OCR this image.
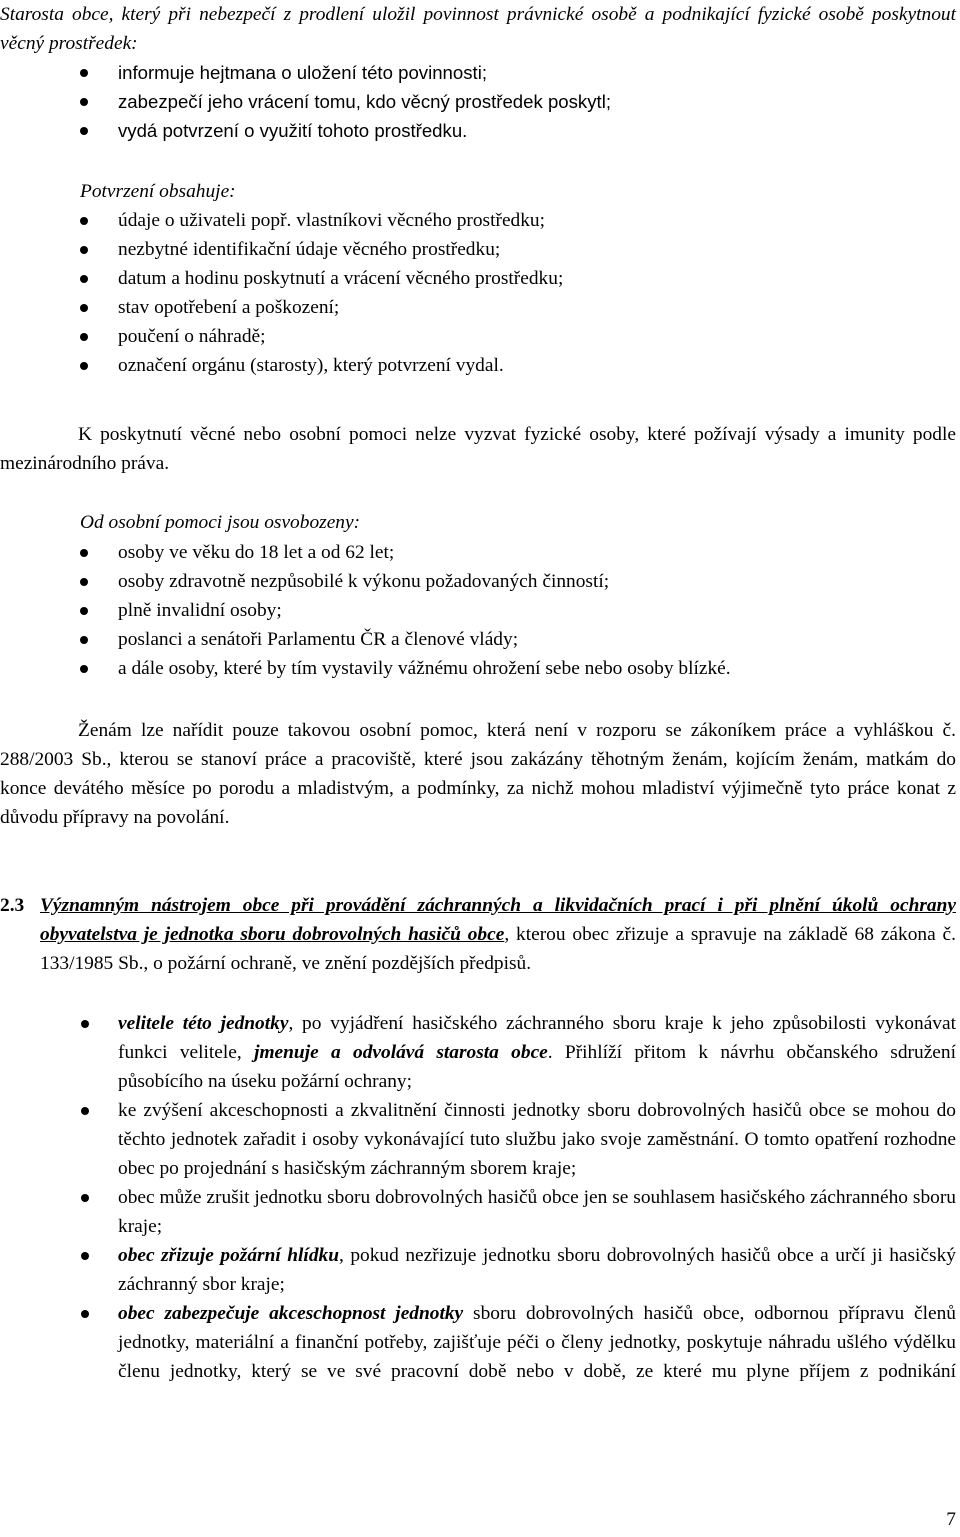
Starosta obce, který při nebezpečí z prodlení uložil povinnost právnické osobě a podnikající fyzické osobě poskytnout věcný prostředek:

informuje hejtmana o uložení této povinnosti;
zabezpečí jeho vrácení tomu, kdo věcný prostředek poskytl;
vydá potvrzení o využití tohoto prostředku.

Potvrzení obsahuje:

údaje o uživateli popř. vlastníkovi věcného prostředku;
nezbytné identifikační údaje věcného prostředku;
datum a hodinu poskytnutí a vrácení věcného prostředku;
stav opotřebení a poškození;
poučení o náhradě;
označení orgánu (starosty), který potvrzení vydal.

K poskytnutí věcné nebo osobní pomoci nelze vyzvat fyzické osoby, které požívají výsady a imunity podle mezinárodního práva.

Od osobní pomoci jsou osvobozeny:

osoby ve věku do 18 let a od 62 let;
osoby zdravotně nezpůsobilé k výkonu požadovaných činností;
plně invalidní osoby;
poslanci a senátoři Parlamentu ČR a členové vlády;
a dále osoby, které by tím vystavily vážnému ohrožení sebe nebo osoby blízké.

Ženám lze nařídit pouze takovou osobní pomoc, která není v rozporu se zákoníkem práce a vyhláškou č. 288/2003 Sb., kterou se stanoví práce a pracoviště, které jsou zakázány těhotným ženám, kojícím ženám, matkám do konce devátého měsíce po porodu a mladistvým, a podmínky, za nichž mohou mladiství výjimečně tyto práce konat z důvodu přípravy na povolání.

2.3 Významným nástrojem obce při provádění záchranných a likvidačních prací i při plnění úkolů ochrany obyvatelstva je jednotka sboru dobrovolných hasičů obce, kterou obec zřizuje a spravuje na základě 68 zákona č. 133/1985 Sb., o požární ochraně, ve znění pozdějších předpisů.

velitele této jednotky, po vyjádření hasičského záchranného sboru kraje k jeho způsobilosti vykonávat funkci velitele, jmenuje a odvolává starosta obce. Přihlíží přitom k návrhu občanského sdružení působícího na úseku požární ochrany;
ke zvýšení akceschopnosti a zkvalitnění činnosti jednotky sboru dobrovolných hasičů obce se mohou do těchto jednotek zařadit i osoby vykonávající tuto službu jako svoje zaměstnání. O tomto opatření rozhodne obec po projednání s hasičským záchranným sborem kraje;
obec může zrušit jednotku sboru dobrovolných hasičů obce jen se souhlasem hasičského záchranného sboru kraje;
obec zřizuje požární hlídku, pokud nezřizuje jednotku sboru dobrovolných hasičů obce a určí ji hasičský záchranný sbor kraje;
obec zabezpečuje akceschopnost jednotky sboru dobrovolných hasičů obce, odbornou přípravu členů jednotky, materiální a finanční potřeby, zajišťuje péči o členy jednotky, poskytuje náhradu ušlého výdělku členu jednotky, který se ve své pracovní době nebo v době, ze které mu plyne příjem z podnikání
7
